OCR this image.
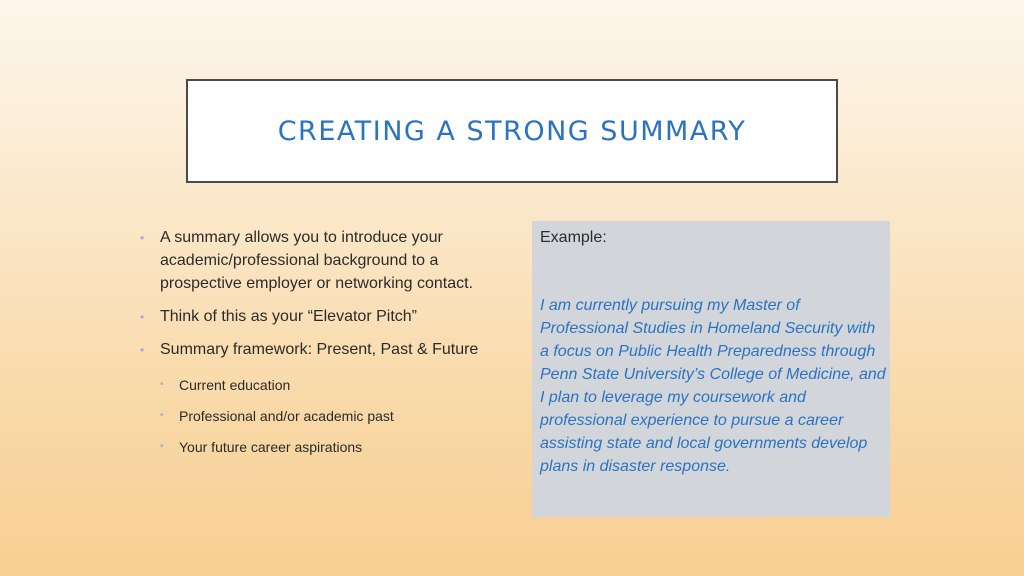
CREATING A STRONG SUMMARY
• A summary allows you to introduce your academic/professional background to a prospective employer or networking contact.
• Think of this as your “Elevator Pitch”
• Summary framework: Present, Past & Future
• Current education
• Professional and/or academic past
• Your future career aspirations
Example:
I am currently pursuing my Master of Professional Studies in Homeland Security with a focus on Public Health Preparedness through Penn State University’s College of Medicine, and I plan to leverage my coursework and professional experience to pursue a career assisting state and local governments develop plans in disaster response.
